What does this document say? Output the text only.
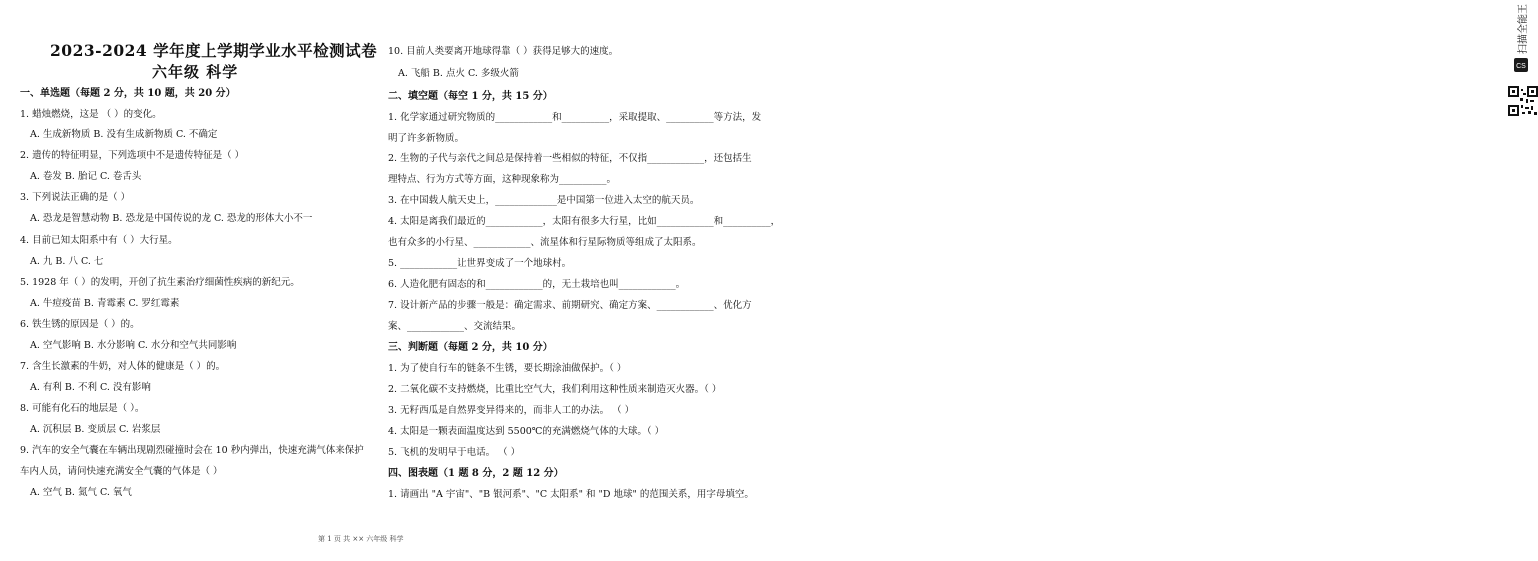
2023-2024 学年度上学期学业水平检测试卷
六年级 科学
一、单选题（每题 2 分，共 10 题，共 20 分）
1. 蜡烛燃烧，这是 （ ）的变化。
A. 生成新物质 B. 没有生成新物质 C. 不确定
2. 遗传的特征明显，下列选项中不是遗传特征是（ ）
A. 卷发 B. 胎记 C. 卷舌头
3. 下列说法正确的是（ ）
A. 恐龙是智慧动物 B. 恐龙是中国传说的龙 C. 恐龙的形体大小不一
4. 目前已知太阳系中有（ ）大行星。
A. 九 B. 八 C. 七
5. 1928 年（ ）的发明，开创了抗生素治疗细菌性疾病的新纪元。
A. 牛痘疫苗 B. 青霉素 C. 罗红霉素
6. 铁生锈的原因是（ ）的。
A. 空气影响 B. 水分影响 C. 水分和空气共同影响
7. 含生长激素的牛奶，对人体的健康是（ ）的。
A. 有利 B. 不利 C. 没有影响
8. 可能有化石的地层是（ ）。
A. 沉积层 B. 变质层 C. 岩浆层
9. 汽车的安全气囊在车辆出现剧烈碰撞时会在 10 秒内弹出，快速充满气体来保护
车内人员，请问快速充满安全气囊的气体是（ ）
A. 空气 B. 氮气 C. 氧气
10. 目前人类要离开地球得靠（ ）获得足够大的速度。
A. 飞船 B. 点火 C. 多级火箭
二、填空题（每空 1 分，共 15 分）
1. 化学家通过研究物质的____________和__________，采取提取、__________等方法，发
明了许多新物质。
2. 生物的子代与亲代之间总是保持着一些相似的特征，不仅指____________，还包括生
理特点、行为方式等方面，这种现象称为__________。
3. 在中国载人航天史上，_____________是中国第一位进入太空的航天员。
4. 太阳是离我们最近的____________，太阳有很多大行星，比如____________和__________，
也有众多的小行星、____________、流星体和行星际物质等组成了太阳系。
5. ____________让世界变成了一个地球村。
6. 人造化肥有固态的和____________的，无土栽培也叫____________。
7. 设计新产品的步骤一般是：确定需求、前期研究、确定方案、____________、优化方
案、____________、交流结果。
三、判断题（每题 2 分，共 10 分）
1. 为了使自行车的链条不生锈，要长期涂油做保护。（ ）
2. 二氧化碳不支持燃烧，比重比空气大，我们利用这种性质来制造灭火器。（ ）
3. 无籽西瓜是自然界变异得来的，而非人工的办法。 （ ）
4. 太阳是一颗表面温度达到 5500℃的充满燃烧气体的大球。（ ）
5. 飞机的发明早于电话。 （ ）
四、图表题（1 题 8 分，2 题 12 分）
1. 请画出 "A 宇宙"、"B 银河系"、"C 太阳系" 和 "D 地球" 的范围关系，用字母填空。
第 1 页 共 ×× 六年级 科学
CS
扫描全能王
